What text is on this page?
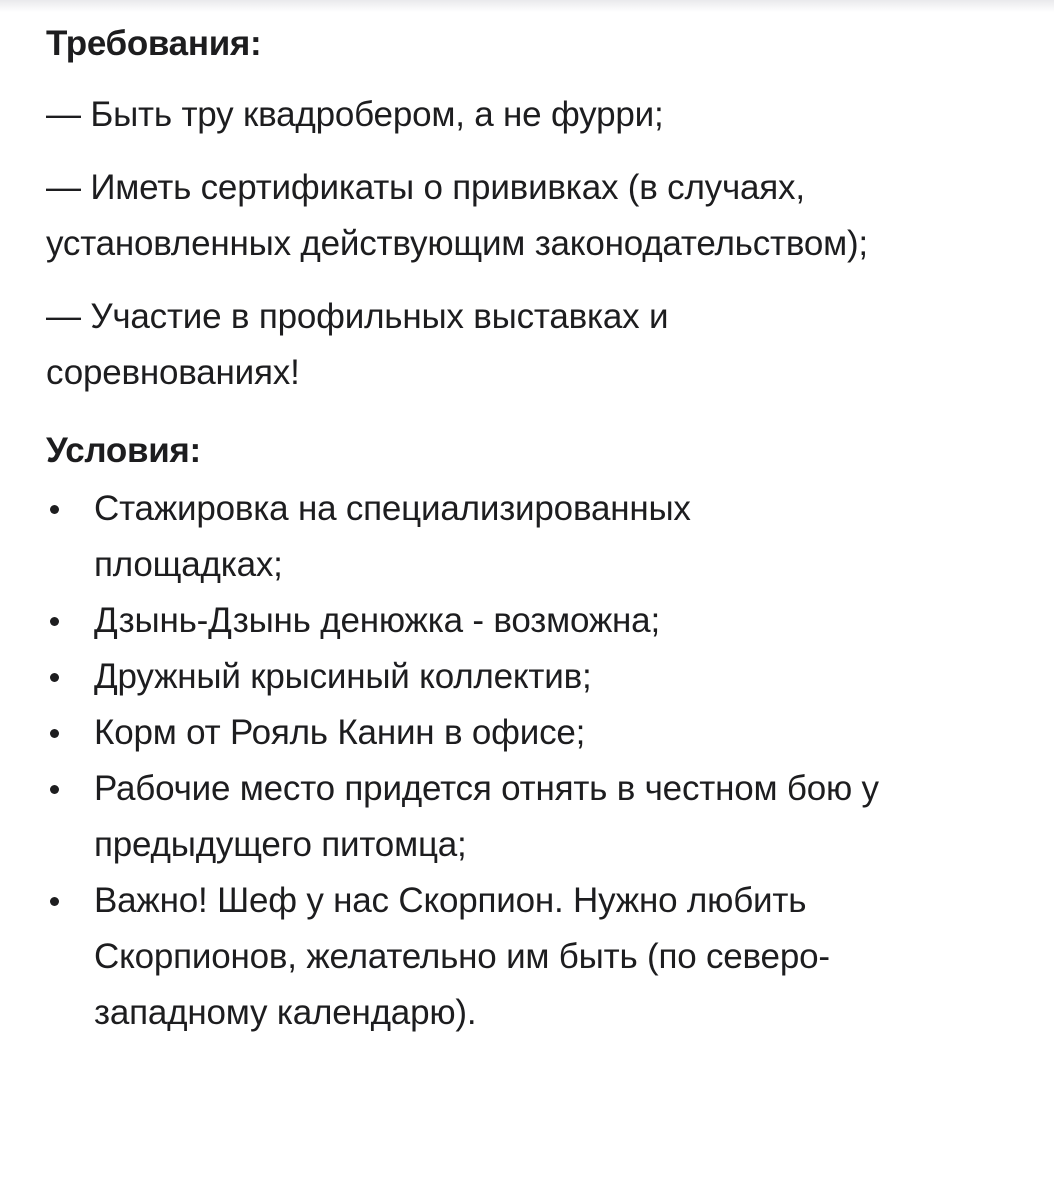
Требования:

— Быть тру квадробером, а не фурри;

— Иметь сертификаты о прививках (в случаях, установленных действующим законодательством);

— Участие в профильных выставках и соревнованиях!

Условия:
Стажировка на специализированных площадках;
Дзынь-Дзынь денюжка - возможна;
Дружный крысиный коллектив;
Корм от Рояль Канин в офисе;
Рабочие место придется отнять в честном бою у предыдущего питомца;
Важно! Шеф у нас Скорпион. Нужно любить Скорпионов, желательно им быть (по северо-западному календарю).
